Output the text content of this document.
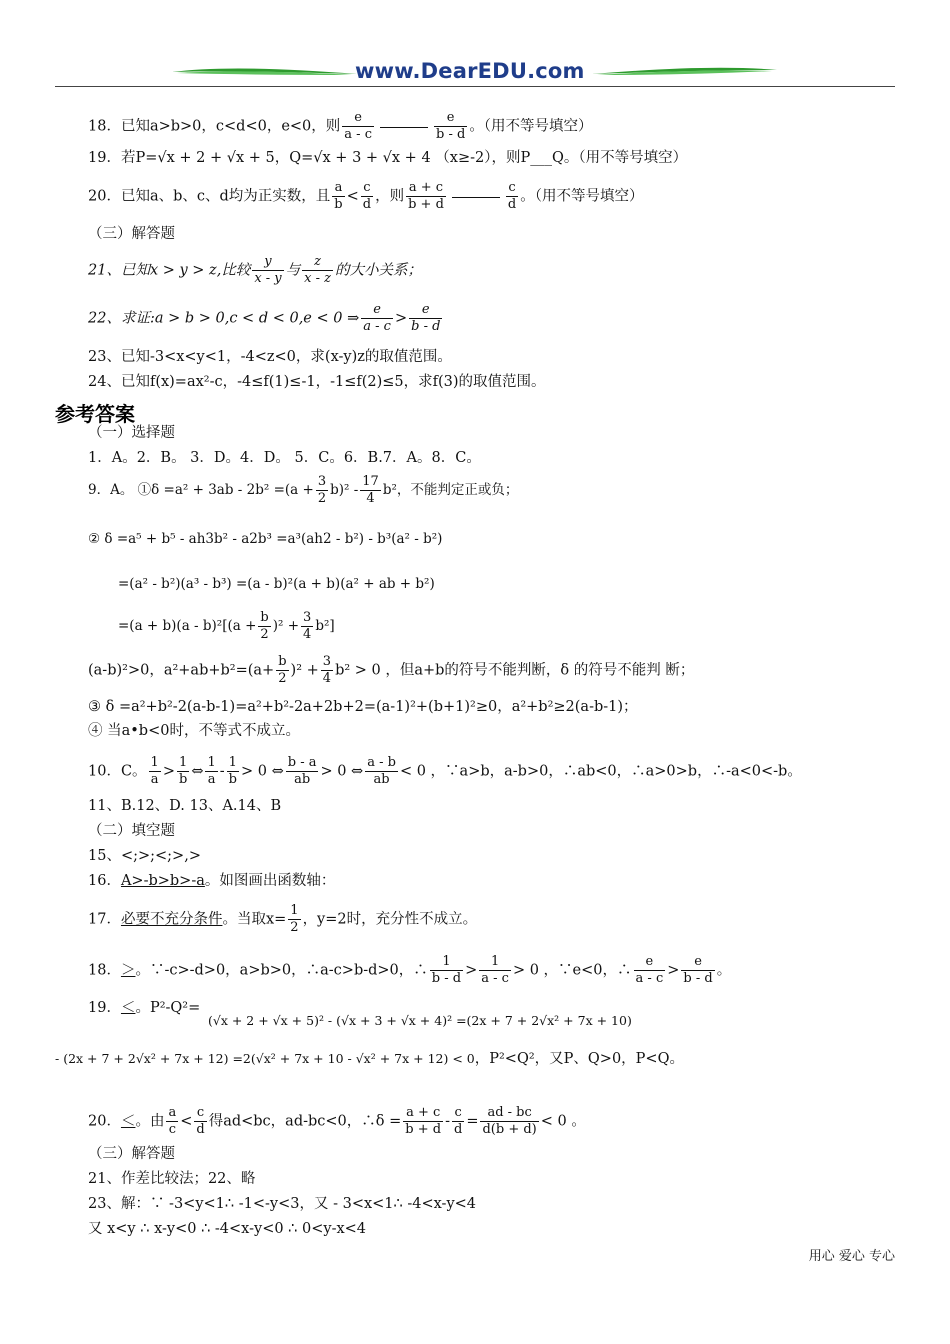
www.DearEDU.com
18．已知a>b>0，c<d<0，e<0，则 $\frac{e}{a - c}$	$\frac{e}{b - d}$ 。（用不等号填空）
19．若P=√x + 2 + √x + 5，Q=√x + 3 + √x + 4 （x≥-2），则P___Q。（用不等号填空）
20．已知a、b、c、d均为正实数，且 $\frac{a}{b} < \frac{c}{d}$ ，则 $\frac{a + c}{b + d}$	$\frac{c}{d}$ 。（用不等号填空）
（三）解答题
21、已知x > y > z,比较 $\frac{y}{x - y}$ 与 $\frac{z}{x - z}$ 的大小关系；
22、求证:a > b > 0,c < d < 0,e < 0 ⇒ $\frac{e}{a - c} > \frac{e}{b - d}$
23、已知-3<x<y<1，-4<z<0，求(x-y)z的取值范围。
24、已知f(x)=ax²-c，-4≤f(1)≤-1，-1≤f(2)≤5，求f(3)的取值范围。
参考答案
（一）选择题
1．A。2．B。 3．D。4．D。 5．C。6．B.7．A。8．C。
9．A。 ①δ $=a^2 + 3ab - 2b^2 =(a + \frac{3}{2} b)^2 - \frac{17}{4} b^2$，不能判定正或负；
② δ =a⁵ + b⁵ - ah3b² - a2b³ =a³(ah2 - b²) - b³(a² - b²)
=(a² - b²)(a³ - b³) =(a - b)²(a + b)(a² + ab + b²)
$=(a + b)(a - b)^2[(a + \frac{b}{2} )^2 + \frac{3}{4} b^2]$
(a-b)²>0，$a^2+ab+b^2=(a+ \frac{b}{2} )^2 + \frac{3}{4} b^2 > 0$ ，但a+b的符号不能判断，δ 的符号不能判 断；
③ δ =a²+b²-2(a-b-1)=a²+b²-2a+2b+2=(a-1)²+(b+1)²≥0，a²+b²≥2(a-b-1)；
④ 当a•b<0时，不等式不成立。
10．C。 $\frac{1}{a} > \frac{1}{b}$ ⇔ $\frac{1}{a} - \frac{1}{b} > 0$ ⇔ $\frac{b - a}{ab} > 0$ ⇔ $\frac{a - b}{ab} < 0$ ，∵a>b，a-b>0，∴ab<0，∴a>0>b，∴-a<0<-b。
11、B.12、D. 13、A.14、B
（二）填空题
15、<;>;<;>,>
16．A>-b>b>-a。如图画出函数轴：
17．必要不充分条件。当取$x= \frac{1}{2}$ ，y=2时，充分性不成立。
18．＞。∵-c>-d>0，a>b>0，∴a-c>b-d>0，∴ $\frac{1}{b - d} > \frac{1}{a - c} > 0$ ，∵e<0，∴ $\frac{e}{a - c} > \frac{e}{b - d}$ 。
19．＜。P²-Q²=
(√x + 2 + √x + 5)² - (√x + 3 + √x + 4)² =(2x + 7 + 2√x² + 7x + 10)
- (2x + 7 + 2√x² + 7x + 12) =2(√x² + 7x + 10 - √x² + 7x + 12) < 0，P²<Q²，又P、Q>0，P<Q。
20．＜。由 $\frac{a}{c} < \frac{c}{d}$ 得ad<bc，ad-bc<0，∴δ = $\frac{a + c}{b + d} - \frac{c}{d} = \frac{ad - bc}{d(b + d)} < 0$ 。
（三）解答题
21、作差比较法；22、略
23、解：∵ -3<y<1∴ -1<-y<3，又 - 3<x<1∴ -4<x-y<4
又 x<y ∴ x-y<0 ∴ -4<x-y<0 ∴ 0<y-x<4
用心 爱心 专心
